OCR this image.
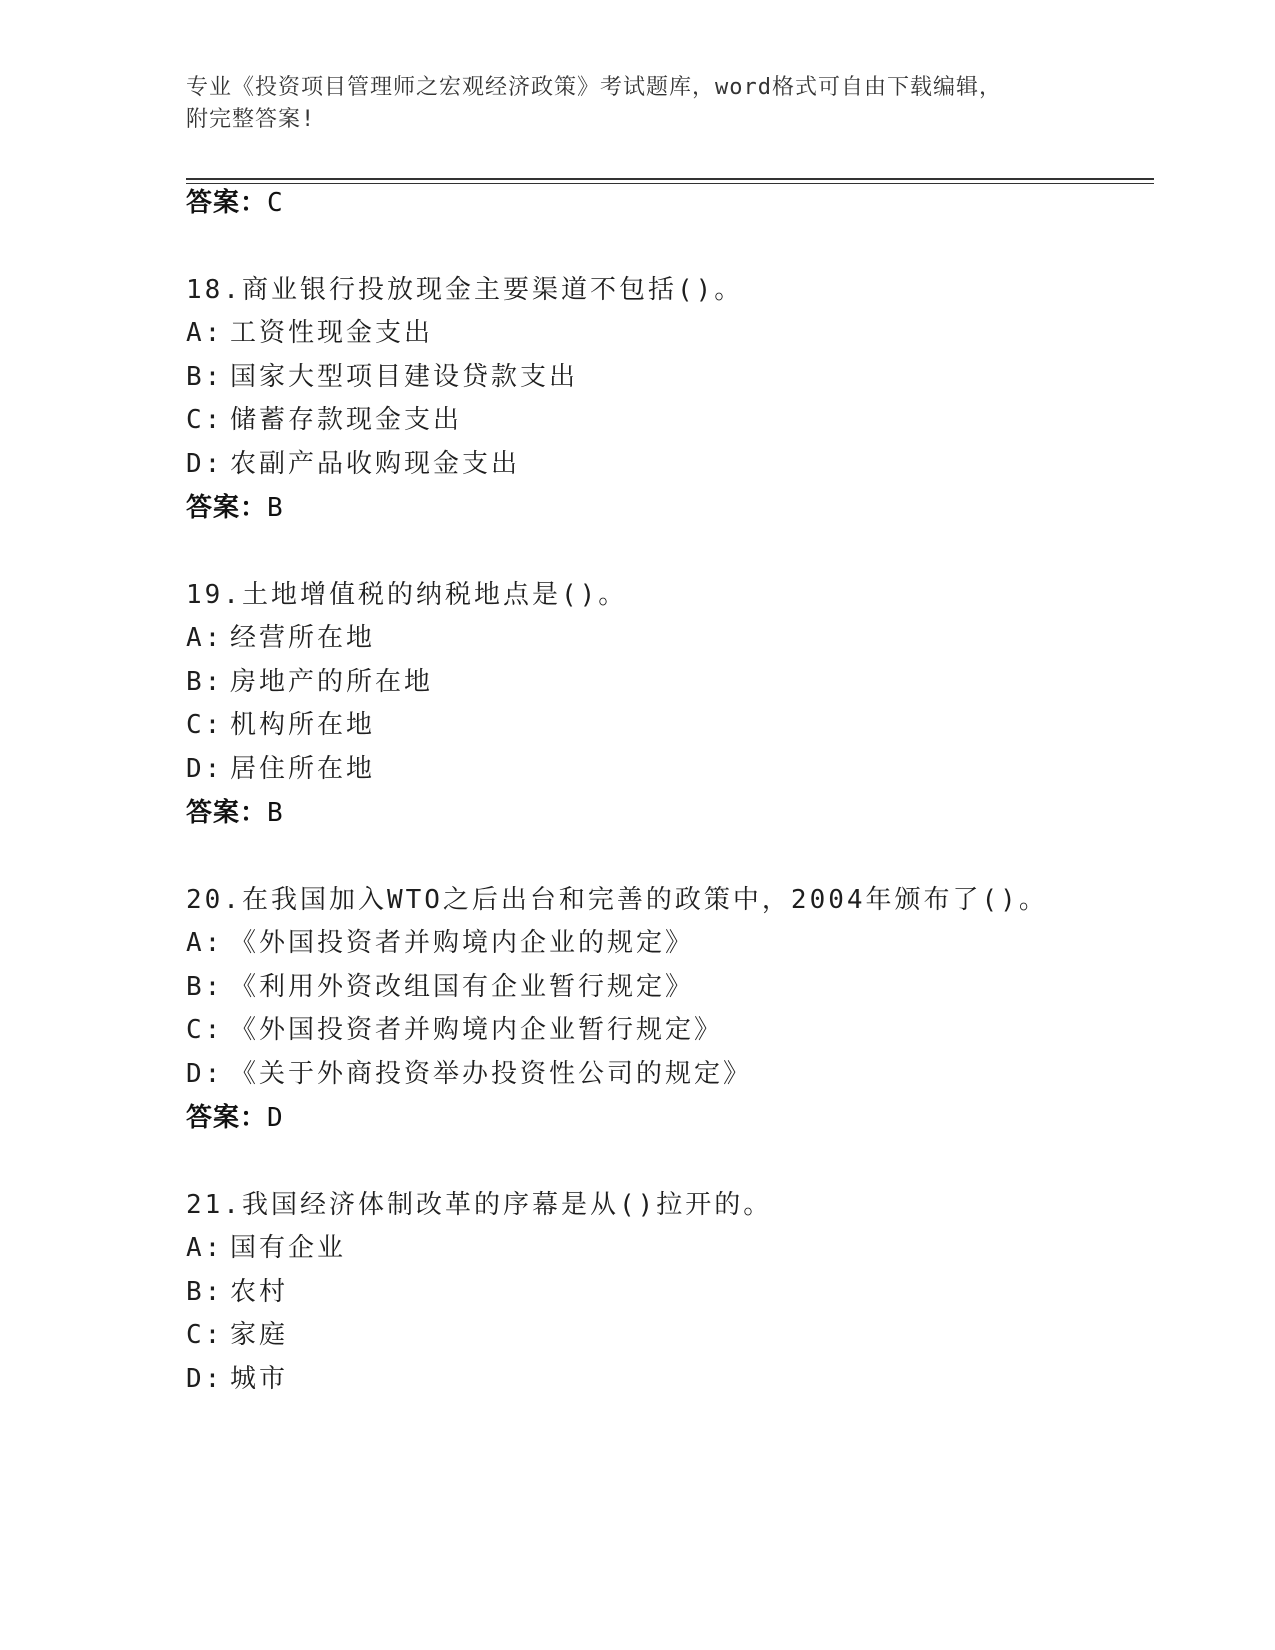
专业《投资项目管理师之宏观经济政策》考试题库，word格式可自由下载编辑，
附完整答案!
答案：C
18.商业银行投放现金主要渠道不包括()。
A: 工资性现金支出
B: 国家大型项目建设贷款支出
C: 储蓄存款现金支出
D: 农副产品收购现金支出
答案：B
19.土地增值税的纳税地点是()。
A: 经营所在地
B: 房地产的所在地
C: 机构所在地
D: 居住所在地
答案：B
20.在我国加入WTO之后出台和完善的政策中，2004年颁布了()。
A: 《外国投资者并购境内企业的规定》
B: 《利用外资改组国有企业暂行规定》
C: 《外国投资者并购境内企业暂行规定》
D: 《关于外商投资举办投资性公司的规定》
答案：D
21.我国经济体制改革的序幕是从()拉开的。
A: 国有企业
B: 农村
C: 家庭
D: 城市
